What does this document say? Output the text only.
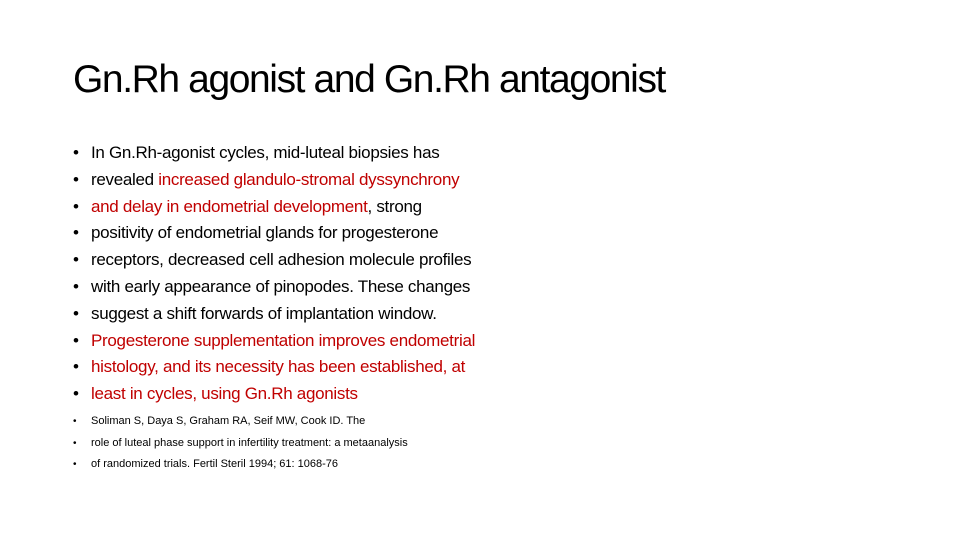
Gn.Rh agonist and Gn.Rh antagonist
• In Gn.Rh-agonist cycles, mid-luteal biopsies has
• revealed increased glandulo-stromal dyssynchrony
• and delay in endometrial development, strong
• positivity of endometrial glands for progesterone
• receptors, decreased cell adhesion molecule profiles
• with early appearance of pinopodes. These changes
• suggest a shift forwards of implantation window.
• Progesterone supplementation improves endometrial
• histology, and its necessity has been established, at
• least in cycles, using Gn.Rh agonists
• Soliman S, Daya S, Graham RA, Seif MW, Cook ID. The
• role of luteal phase support in infertility treatment: a metaanalysis
• of randomized trials. Fertil Steril 1994; 61: 1068-76
